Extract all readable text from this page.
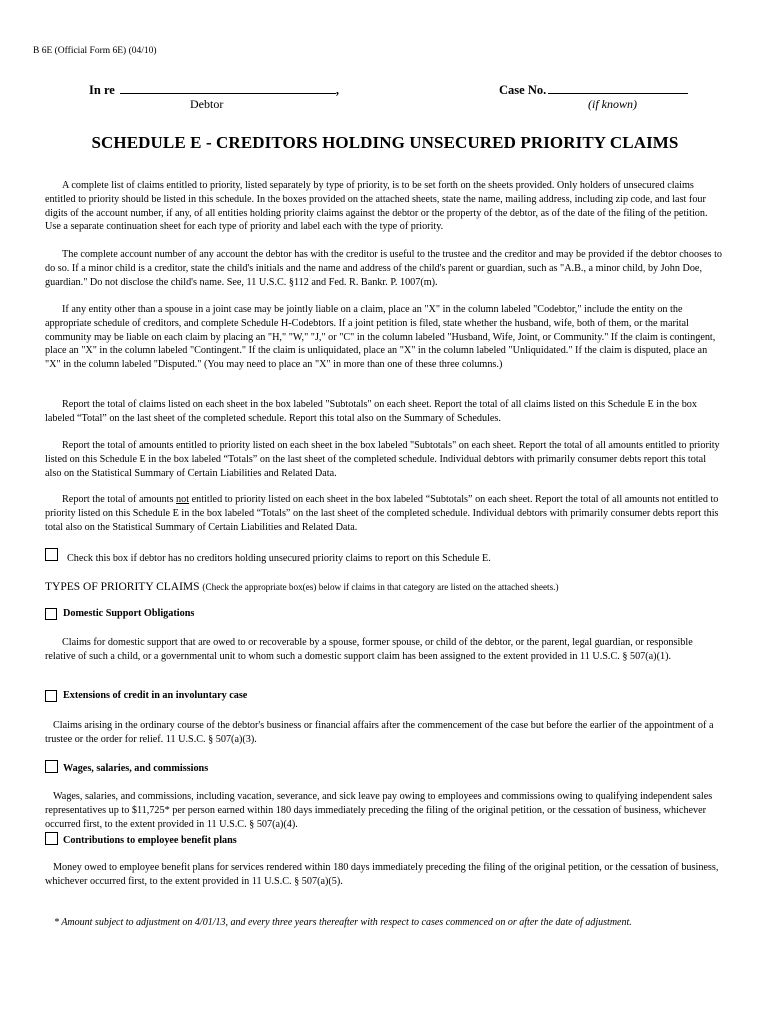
B 6E (Official Form 6E) (04/10)
In re	,	Case No.
Debtor	(if known)
SCHEDULE E - CREDITORS HOLDING UNSECURED PRIORITY CLAIMS

A complete list of claims entitled to priority, listed separately by type of priority, is to be set forth on the sheets provided. Only holders of unsecured claims entitled to priority should be listed in this schedule. In the boxes provided on the attached sheets, state the name, mailing address, including zip code, and last four digits of the account number, if any, of all entities holding priority claims against the debtor or the property of the debtor, as of the date of the filing of the petition. Use a separate continuation sheet for each type of priority and label each with the type of priority.

The complete account number of any account the debtor has with the creditor is useful to the trustee and the creditor and may be provided if the debtor chooses to do so. If a minor child is a creditor, state the child's initials and the name and address of the child's parent or guardian, such as "A.B., a minor child, by John Doe, guardian." Do not disclose the child's name. See, 11 U.S.C. §112 and Fed. R. Bankr. P. 1007(m).

If any entity other than a spouse in a joint case may be jointly liable on a claim, place an "X" in the column labeled "Codebtor," include the entity on the appropriate schedule of creditors, and complete Schedule H-Codebtors. If a joint petition is filed, state whether the husband, wife, both of them, or the marital community may be liable on each claim by placing an "H," "W," "J," or "C" in the column labeled "Husband, Wife, Joint, or Community." If the claim is contingent, place an "X" in the column labeled "Contingent." If the claim is unliquidated, place an "X" in the column labeled "Unliquidated." If the claim is disputed, place an "X" in the column labeled "Disputed." (You may need to place an "X" in more than one of these three columns.)

Report the total of claims listed on each sheet in the box labeled "Subtotals" on each sheet. Report the total of all claims listed on this Schedule E in the box labeled “Total” on the last sheet of the completed schedule. Report this total also on the Summary of Schedules.

Report the total of amounts entitled to priority listed on each sheet in the box labeled "Subtotals" on each sheet. Report the total of all amounts entitled to priority listed on this Schedule E in the box labeled “Totals” on the last sheet of the completed schedule. Individual debtors with primarily consumer debts report this total also on the Statistical Summary of Certain Liabilities and Related Data.

Report the total of amounts not entitled to priority listed on each sheet in the box labeled “Subtotals” on each sheet. Report the total of all amounts not entitled to priority listed on this Schedule E in the box labeled “Totals” on the last sheet of the completed schedule. Individual debtors with primarily consumer debts report this total also on the Statistical Summary of Certain Liabilities and Related Data.

Check this box if debtor has no creditors holding unsecured priority claims to report on this Schedule E.
TYPES OF PRIORITY CLAIMS (Check the appropriate box(es) below if claims in that category are listed on the attached sheets.)
Domestic Support Obligations

Claims for domestic support that are owed to or recoverable by a spouse, former spouse, or child of the debtor, or the parent, legal guardian, or responsible relative of such a child, or a governmental unit to whom such a domestic support claim has been assigned to the extent provided in 11 U.S.C. § 507(a)(1).

Extensions of credit in an involuntary case

Claims arising in the ordinary course of the debtor's business or financial affairs after the commencement of the case but before the earlier of the appointment of a trustee or the order for relief. 11 U.S.C. § 507(a)(3).

Wages, salaries, and commissions

Wages, salaries, and commissions, including vacation, severance, and sick leave pay owing to employees and commissions owing to qualifying independent sales representatives up to $11,725* per person earned within 180 days immediately preceding the filing of the original petition, or the cessation of business, whichever occurred first, to the extent provided in 11 U.S.C. § 507(a)(4).

Contributions to employee benefit plans

Money owed to employee benefit plans for services rendered within 180 days immediately preceding the filing of the original petition, or the cessation of business, whichever occurred first, to the extent provided in 11 U.S.C. § 507(a)(5).

* Amount subject to adjustment on 4/01/13, and every three years thereafter with respect to cases commenced on or after the date of adjustment.
